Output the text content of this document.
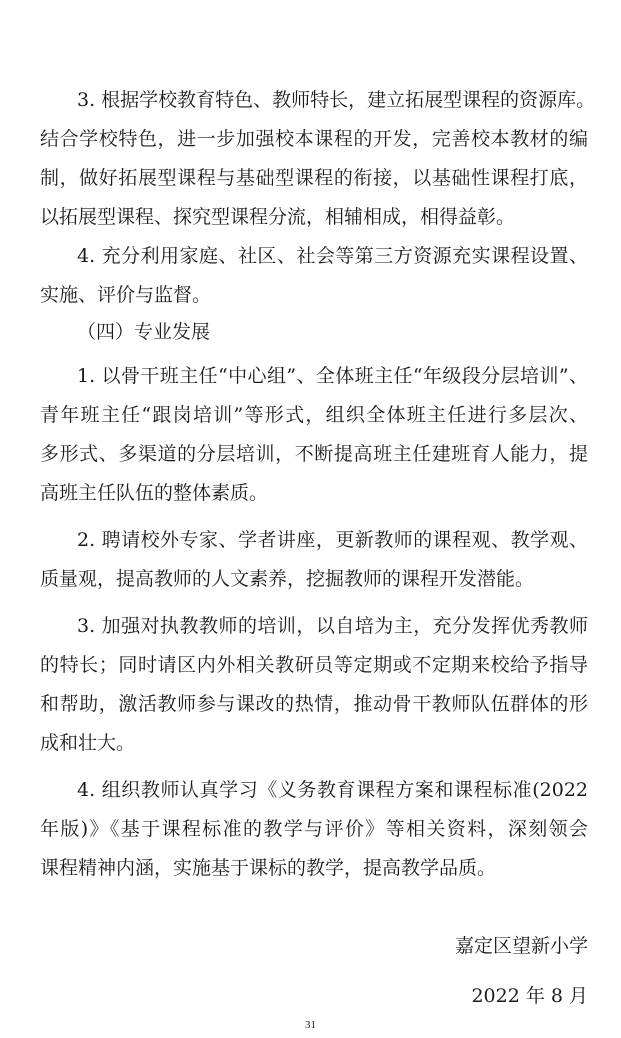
3. 根据学校教育特色、教师特长，建立拓展型课程的资源库。
结合学校特色，进一步加强校本课程的开发，完善校本教材的编
制，做好拓展型课程与基础型课程的衔接，以基础性课程打底，
以拓展型课程、探究型课程分流，相辅相成，相得益彰。
4. 充分利用家庭、社区、社会等第三方资源充实课程设置、
实施、评价与监督。
（四）专业发展
1. 以骨干班主任“中心组”、全体班主任“年级段分层培训”、
青年班主任“跟岗培训”等形式，组织全体班主任进行多层次、
多形式、多渠道的分层培训，不断提高班主任建班育人能力，提
高班主任队伍的整体素质。
2. 聘请校外专家、学者讲座，更新教师的课程观、教学观、
质量观，提高教师的人文素养，挖掘教师的课程开发潜能。
3. 加强对执教教师的培训，以自培为主，充分发挥优秀教师
的特长；同时请区内外相关教研员等定期或不定期来校给予指导
和帮助，激活教师参与课改的热情，推动骨干教师队伍群体的形
成和壮大。
4. 组织教师认真学习《义务教育课程方案和课程标准(2022
年版)》《基于课程标准的教学与评价》等相关资料，深刻领会
课程精神内涵，实施基于课标的教学，提高教学品质。
嘉定区望新小学
2022 年 8 月
31
